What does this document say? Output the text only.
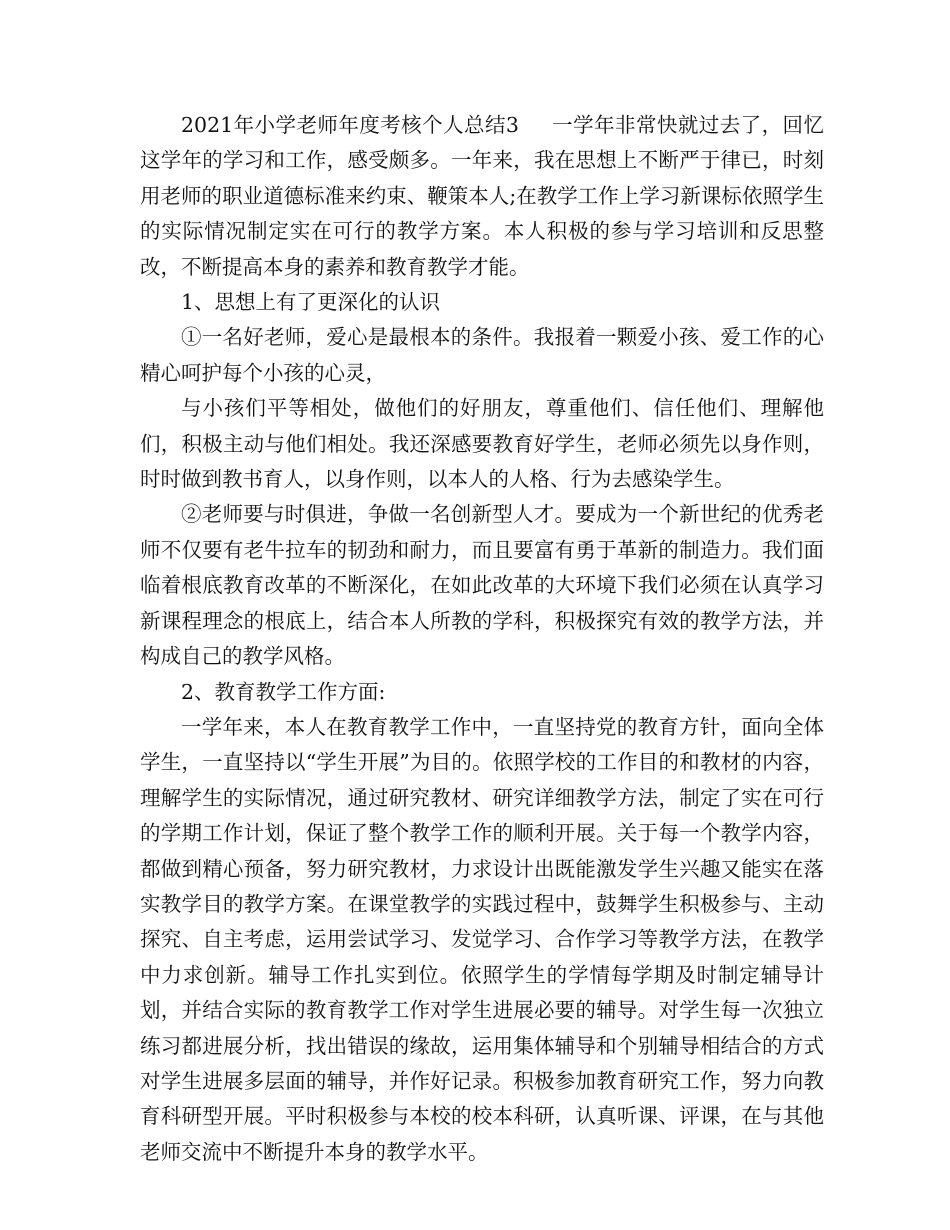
2021年小学老师年度考核个人总结3 一学年非常快就过去了，回忆这学年的学习和工作，感受颇多。一年来，我在思想上不断严于律已，时刻用老师的职业道德标准来约束、鞭策本人;在教学工作上学习新课标依照学生的实际情况制定实在可行的教学方案。本人积极的参与学习培训和反思整改，不断提高本身的素养和教育教学才能。

1、思想上有了更深化的认识

①一名好老师，爱心是最根本的条件。我报着一颗爱小孩、爱工作的心精心呵护每个小孩的心灵，

与小孩们平等相处，做他们的好朋友，尊重他们、信任他们、理解他们，积极主动与他们相处。我还深感要教育好学生，老师必须先以身作则，时时做到教书育人，以身作则，以本人的人格、行为去感染学生。

②老师要与时俱进，争做一名创新型人才。要成为一个新世纪的优秀老师不仅要有老牛拉车的韧劲和耐力，而且要富有勇于革新的制造力。我们面临着根底教育改革的不断深化，在如此改革的大环境下我们必须在认真学习新课程理念的根底上，结合本人所教的学科，积极探究有效的教学方法，并构成自己的教学风格。

2、教育教学工作方面:

一学年来，本人在教育教学工作中，一直坚持党的教育方针，面向全体学生，一直坚持以“学生开展”为目的。依照学校的工作目的和教材的内容，理解学生的实际情况，通过研究教材、研究详细教学方法，制定了实在可行的学期工作计划，保证了整个教学工作的顺利开展。关于每一个教学内容，都做到精心预备，努力研究教材，力求设计出既能激发学生兴趣又能实在落实教学目的教学方案。在课堂教学的实践过程中，鼓舞学生积极参与、主动探究、自主考虑，运用尝试学习、发觉学习、合作学习等教学方法，在教学中力求创新。辅导工作扎实到位。依照学生的学情每学期及时制定辅导计划，并结合实际的教育教学工作对学生进展必要的辅导。对学生每一次独立练习都进展分析，找出错误的缘故，运用集体辅导和个别辅导相结合的方式对学生进展多层面的辅导，并作好记录。积极参加教育研究工作，努力向教育科研型开展。平时积极参与本校的校本科研，认真听课、评课，在与其他老师交流中不断提升本身的教学水平。
